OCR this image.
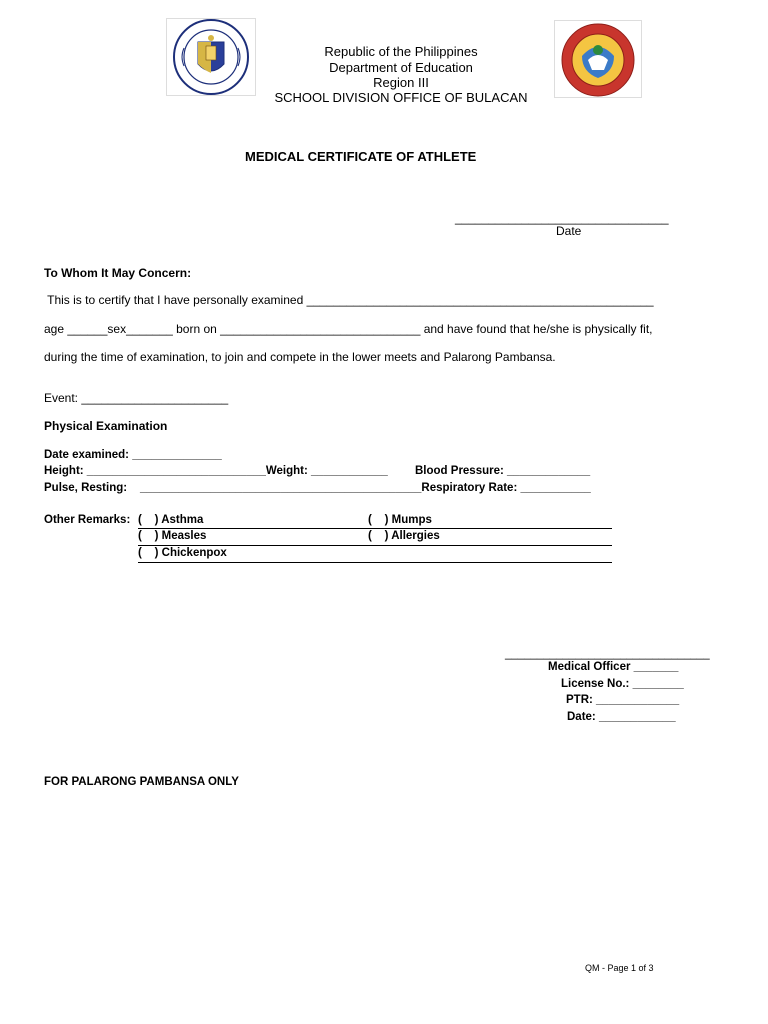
Republic of the Philippines
Department of Education
Region III
SCHOOL DIVISION OFFICE OF BULACAN
MEDICAL CERTIFICATE OF ATHLETE
________________________________
Date
To Whom It May Concern:
This is to certify that I have personally examined ____________________________________________________
age ______sex_______ born on ______________________________ and have found that he/she is physically fit,
during the time of examination, to join and compete in the lower meets and Palarong Pambansa.
Event: ______________________
Physical Examination
Date examined: ______________
Height: ____________________________Weight: ____________ Blood Pressure: _____________
Pulse, Resting: ____________________________________________Respiratory Rate: ___________
Other Remarks: (    ) Asthma	(    ) Mumps
(    ) Measles	(    ) Allergies
(    ) Chickenpox
________________________________
Medical Officer _______
License No.: ________
PTR: _____________
Date: ____________
FOR PALARONG PAMBANSA ONLY
QM - Page 1 of 3
